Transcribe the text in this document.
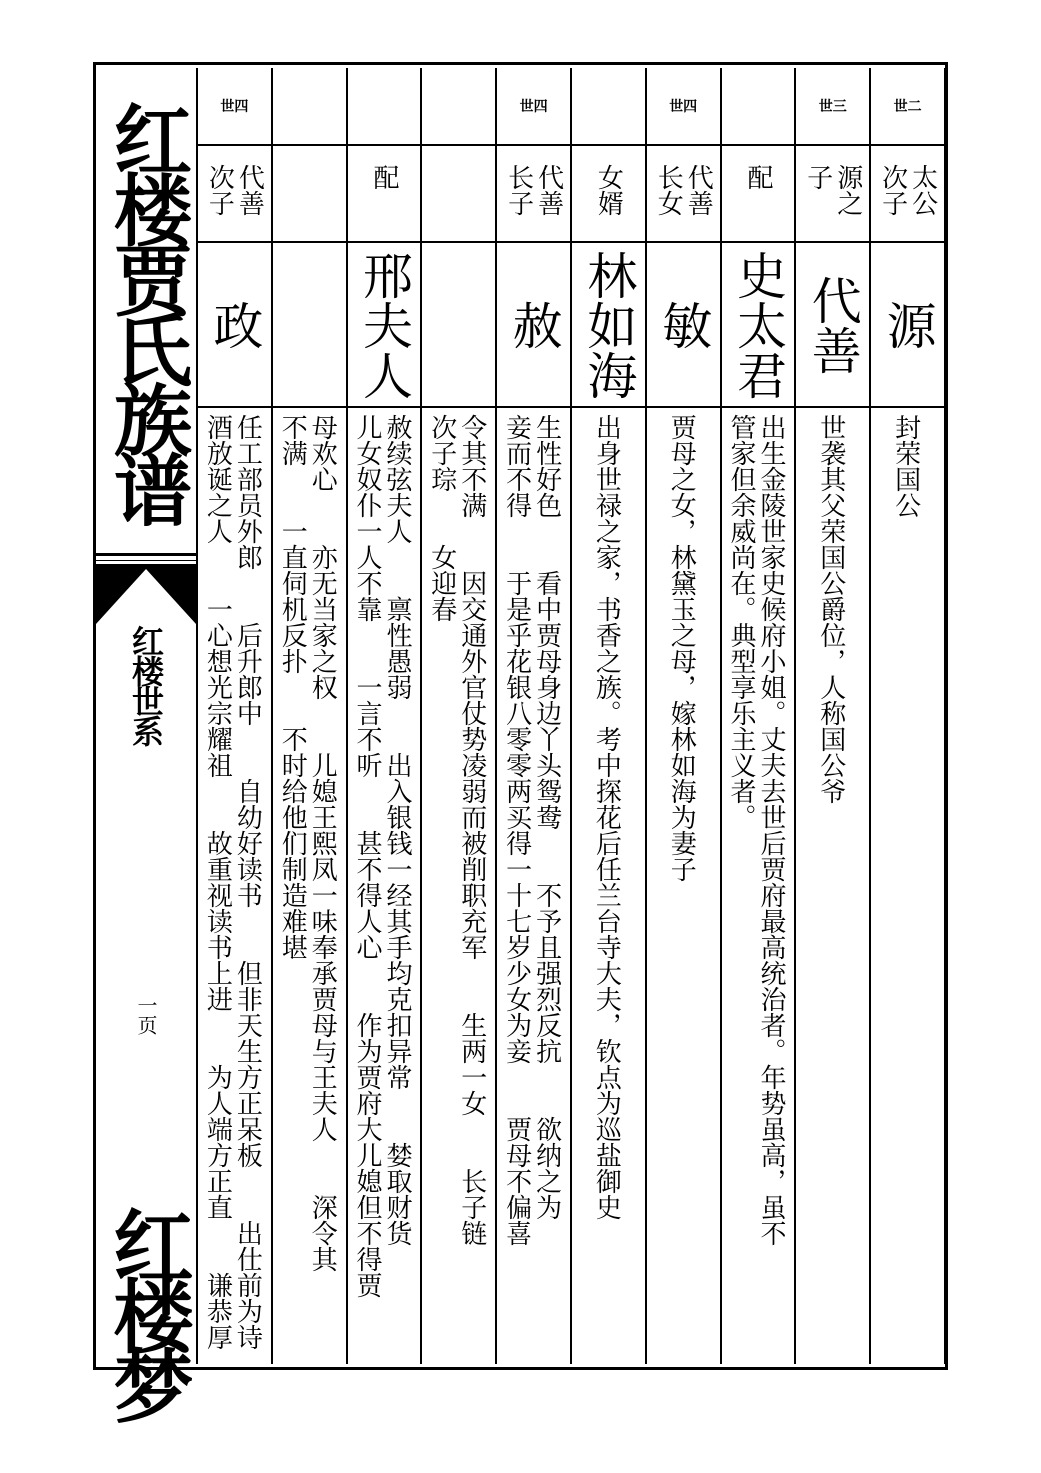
红楼贾氏族谱
红楼世系
一页
红楼梦
世二
太公
次子
源
封荣国公
世三
源之
子
代善
世袭其父荣国公爵位，人称国公爷
配
史太君
出生金陵世家史候府小姐。丈夫去世后贾府最高统治者。年势虽高，虽不
管家但余威尚在。典型享乐主义者。
世四
代善
长女
敏
贾母之女，林黛玉之母，嫁林如海为妻子
女婿
林如海
出身世禄之家，书香之族。考中探花后任兰台寺大夫，钦点为巡盐御史
世四
代善
长子
赦
生性好色　　看中贾母身边丫头鸳鸯　　不予且强烈反抗　　欲纳之为
妾而不得　　于是乎花银八零零两买得一十七岁少女为妾　　贾母不偏喜
令其不满　　因交通外官仗势凌弱而被削职充军　　生两一女　　长子链
次子琮　　女迎春
配
邢夫人
赦续弦夫人　　禀性愚弱　　出入银钱一经其手均克扣异常　　婪取财货
儿女奴仆一人不靠　　一言不听　　甚不得人心　　作为贾府大儿媳但不得贾
母欢心　　亦无当家之权　　儿媳王熙凤一味奉承贾母与王夫人　　深令其
不满　　一直伺机反扑　　不时给他们制造难堪
世四
代善
次子
政
任工部员外郎　　后升郎中　　自幼好读书　　但非天生方正呆板　　出仕前为诗
酒放诞之人　　一心想光宗耀祖　　故重视读书上进　　为人端方正直　　谦恭厚
